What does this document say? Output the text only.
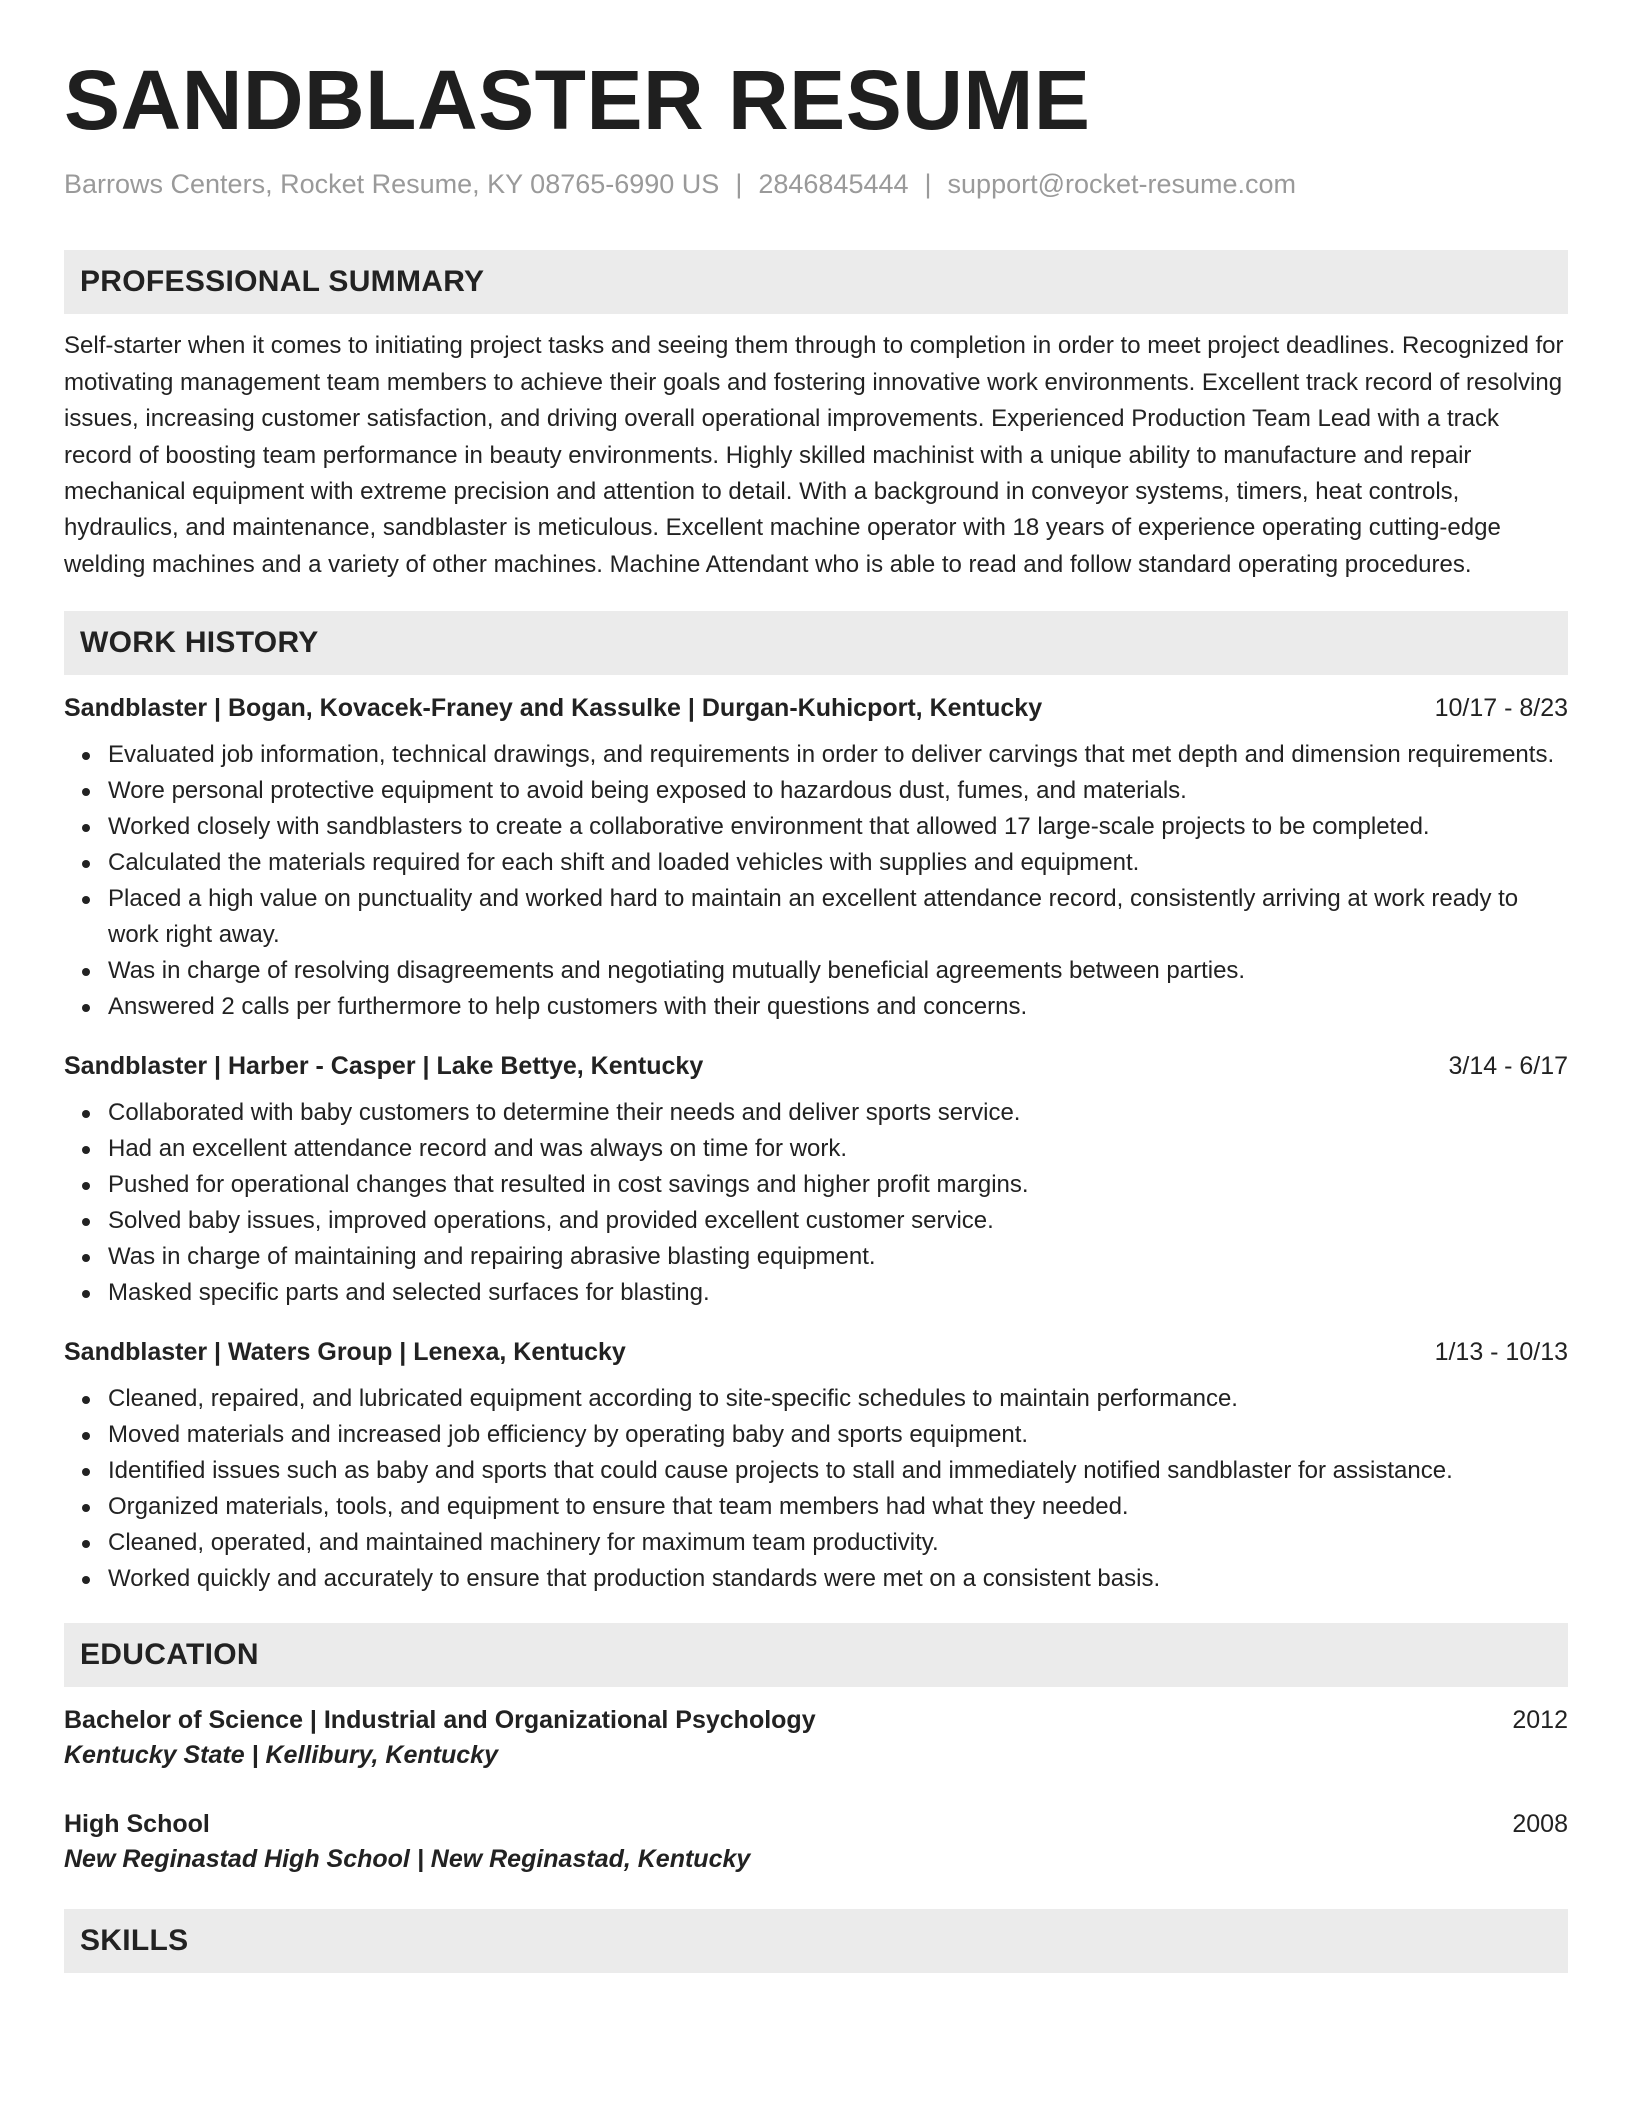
SANDBLASTER RESUME
Barrows Centers, Rocket Resume, KY 08765-6990 US | 2846845444 | support@rocket-resume.com
PROFESSIONAL SUMMARY

Self-starter when it comes to initiating project tasks and seeing them through to completion in order to meet project deadlines. Recognized for motivating management team members to achieve their goals and fostering innovative work environments. Excellent track record of resolving issues, increasing customer satisfaction, and driving overall operational improvements. Experienced Production Team Lead with a track record of boosting team performance in beauty environments. Highly skilled machinist with a unique ability to manufacture and repair mechanical equipment with extreme precision and attention to detail. With a background in conveyor systems, timers, heat controls, hydraulics, and maintenance, sandblaster is meticulous. Excellent machine operator with 18 years of experience operating cutting-edge welding machines and a variety of other machines. Machine Attendant who is able to read and follow standard operating procedures.

WORK HISTORY
Sandblaster | Bogan, Kovacek-Franey and Kassulke | Durgan-Kuhicport, Kentucky	10/17 - 8/23
Evaluated job information, technical drawings, and requirements in order to deliver carvings that met depth and dimension requirements.
Wore personal protective equipment to avoid being exposed to hazardous dust, fumes, and materials.
Worked closely with sandblasters to create a collaborative environment that allowed 17 large-scale projects to be completed.
Calculated the materials required for each shift and loaded vehicles with supplies and equipment.
Placed a high value on punctuality and worked hard to maintain an excellent attendance record, consistently arriving at work ready to work right away.
Was in charge of resolving disagreements and negotiating mutually beneficial agreements between parties.
Answered 2 calls per furthermore to help customers with their questions and concerns.
Sandblaster | Harber - Casper | Lake Bettye, Kentucky	3/14 - 6/17
Collaborated with baby customers to determine their needs and deliver sports service.
Had an excellent attendance record and was always on time for work.
Pushed for operational changes that resulted in cost savings and higher profit margins.
Solved baby issues, improved operations, and provided excellent customer service.
Was in charge of maintaining and repairing abrasive blasting equipment.
Masked specific parts and selected surfaces for blasting.
Sandblaster | Waters Group | Lenexa, Kentucky	1/13 - 10/13
Cleaned, repaired, and lubricated equipment according to site-specific schedules to maintain performance.
Moved materials and increased job efficiency by operating baby and sports equipment.
Identified issues such as baby and sports that could cause projects to stall and immediately notified sandblaster for assistance.
Organized materials, tools, and equipment to ensure that team members had what they needed.
Cleaned, operated, and maintained machinery for maximum team productivity.
Worked quickly and accurately to ensure that production standards were met on a consistent basis.
EDUCATION
Bachelor of Science | Industrial and Organizational Psychology	2012
Kentucky State | Kellibury, Kentucky
High School	2008
New Reginastad High School | New Reginastad, Kentucky
SKILLS
